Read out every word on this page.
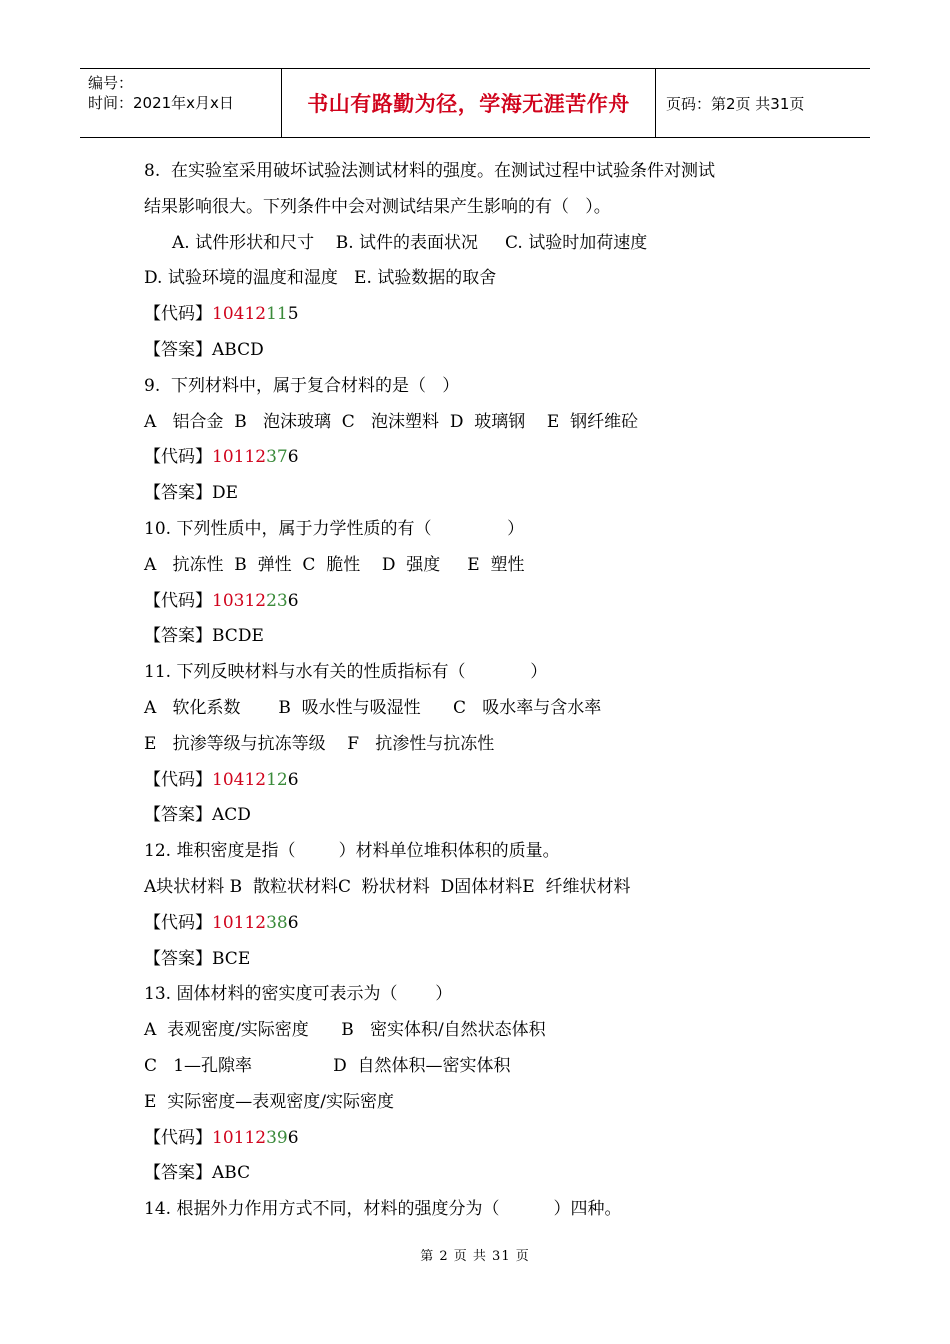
编号：
时间：2021年x月x日	书山有路勤为径，学海无涯苦作舟	页码：第2页 共31页
8.  在实验室采用破坏试验法测试材料的强度。在测试过程中试验条件对测试
结果影响很大。下列条件中会对测试结果产生影响的有（   ）。
A. 试件形状和尺寸    B. 试件的表面状况     C. 试验时加荷速度
D. 试验环境的温度和湿度   E. 试验数据的取舍
【代码】10412115
【答案】ABCD
9.  下列材料中，属于复合材料的是（   ）
A   铝合金  B   泡沫玻璃  C   泡沫塑料  D  玻璃钢    E  钢纤维砼
【代码】10112376
【答案】DE
10. 下列性质中，属于力学性质的有（              ）
A   抗冻性  B  弹性  C  脆性    D  强度     E  塑性
【代码】10312236
【答案】BCDE
11. 下列反映材料与水有关的性质指标有（            ）
A   软化系数       B  吸水性与吸湿性      C   吸水率与含水率
E   抗渗等级与抗冻等级    F   抗渗性与抗冻性
【代码】10412126
【答案】ACD
12. 堆积密度是指（        ）材料单位堆积体积的质量。
A块状材料 B  散粒状材料C  粉状材料  D固体材料E  纤维状材料
【代码】10112386
【答案】BCE
13. 固体材料的密实度可表示为（       ）
A  表观密度/实际密度      B   密实体积/自然状态体积
C   1—孔隙率               D  自然体积—密实体积
E  实际密度—表观密度/实际密度
【代码】10112396
【答案】ABC
14. 根据外力作用方式不同，材料的强度分为（          ）四种。
第 2 页 共 31 页
